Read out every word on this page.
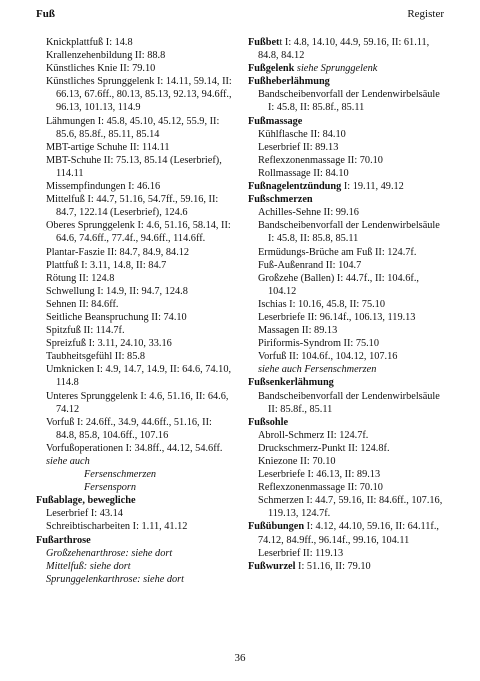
Fuß	Register
Knickplattfuß I: 14.8
Krallenzehenbildung II: 88.8
Künstliches Knie II: 79.10
Künstliches Sprunggelenk I: 14.11, 59.14, II: 66.13, 67.6ff., 80.13, 85.13, 92.13, 94.6ff., 96.13, 101.13, 114.9
Lähmungen I: 45.8, 45.10, 45.12, 55.9, II: 85.6, 85.8f., 85.11, 85.14
MBT-artige Schuhe II: 114.11
MBT-Schuhe II: 75.13, 85.14 (Leserbrief), 114.11
Missempfindungen I: 46.16
Mittelfuß I: 44.7, 51.16, 54.7ff., 59.16, II: 84.7, 122.14 (Leserbrief), 124.6
Oberes Sprunggelenk I: 4.6, 51.16, 58.14, II: 64.6, 74.6ff., 77.4f., 94.6ff., 114.6ff.
Plantar-Faszie II: 84.7, 84.9, 84.12
Plattfuß I: 3.11, 14.8, II: 84.7
Rötung II: 124.8
Schwellung I: 14.9, II: 94.7, 124.8
Sehnen II: 84.6ff.
Seitliche Beanspruchung II: 74.10
Spitzfuß II: 114.7f.
Spreizfuß I: 3.11, 24.10, 33.16
Taubheitsgefühl II: 85.8
Umknicken I: 4.9, 14.7, 14.9, II: 64.6, 74.10, 114.8
Unteres Sprunggelenk I: 4.6, 51.16, II: 64.6, 74.12
Vorfuß I: 24.6ff., 34.9, 44.6ff., 51.16, II: 84.8, 85.8, 104.6ff., 107.16
Vorfußoperationen I: 34.8ff., 44.12, 54.6ff.
siehe auch
Fersenschmerzen
Fersensporn
Fußablage, bewegliche
Leserbrief I: 43.14
Schreibtischarbeiten I: 1.11, 41.12
Fußarthrose
Großzehenarthrose: siehe dort
Mittelfuß: siehe dort
Sprunggelenkarthrose: siehe dort
Fußbett I: 4.8, 14.10, 44.9, 59.16, II: 61.11, 84.8, 84.12
Fußgelenk siehe Sprunggelenk
Fußheberlähmung
Bandscheibenvorfall der Lendenwirbelsäule I: 45.8, II: 85.8f., 85.11
Fußmassage
Kühlflasche II: 84.10
Leserbrief II: 89.13
Reflexzonenmassage II: 70.10
Rollmassage II: 84.10
Fußnagelentzündung I: 19.11, 49.12
Fußschmerzen
Achilles-Sehne II: 99.16
Bandscheibenvorfall der Lendenwirbelsäule I: 45.8, II: 85.8, 85.11
Ermüdungs-Brüche am Fuß II: 124.7f.
Fuß-Außenrand II: 104.7
Großzehe (Ballen) I: 44.7f., II: 104.6f., 104.12
Ischias I: 10.16, 45.8, II: 75.10
Leserbriefe II: 96.14f., 106.13, 119.13
Massagen II: 89.13
Piriformis-Syndrom II: 75.10
Vorfuß II: 104.6f., 104.12, 107.16
siehe auch Fersenschmerzen
Fußsenkerlähmung
Bandscheibenvorfall der Lendenwirbelsäule II: 85.8f., 85.11
Fußsohle
Abroll-Schmerz II: 124.7f.
Druckschmerz-Punkt II: 124.8f.
Kniezone II: 70.10
Leserbriefe I: 46.13, II: 89.13
Reflexzonenmassage II: 70.10
Schmerzen I: 44.7, 59.16, II: 84.6ff., 107.16, 119.13, 124.7f.
Fußübungen I: 4.12, 44.10, 59.16, II: 64.11f., 74.12, 84.9ff., 96.14f., 99.16, 104.11
Leserbrief II: 119.13
Fußwurzel I: 51.16, II: 79.10
36
